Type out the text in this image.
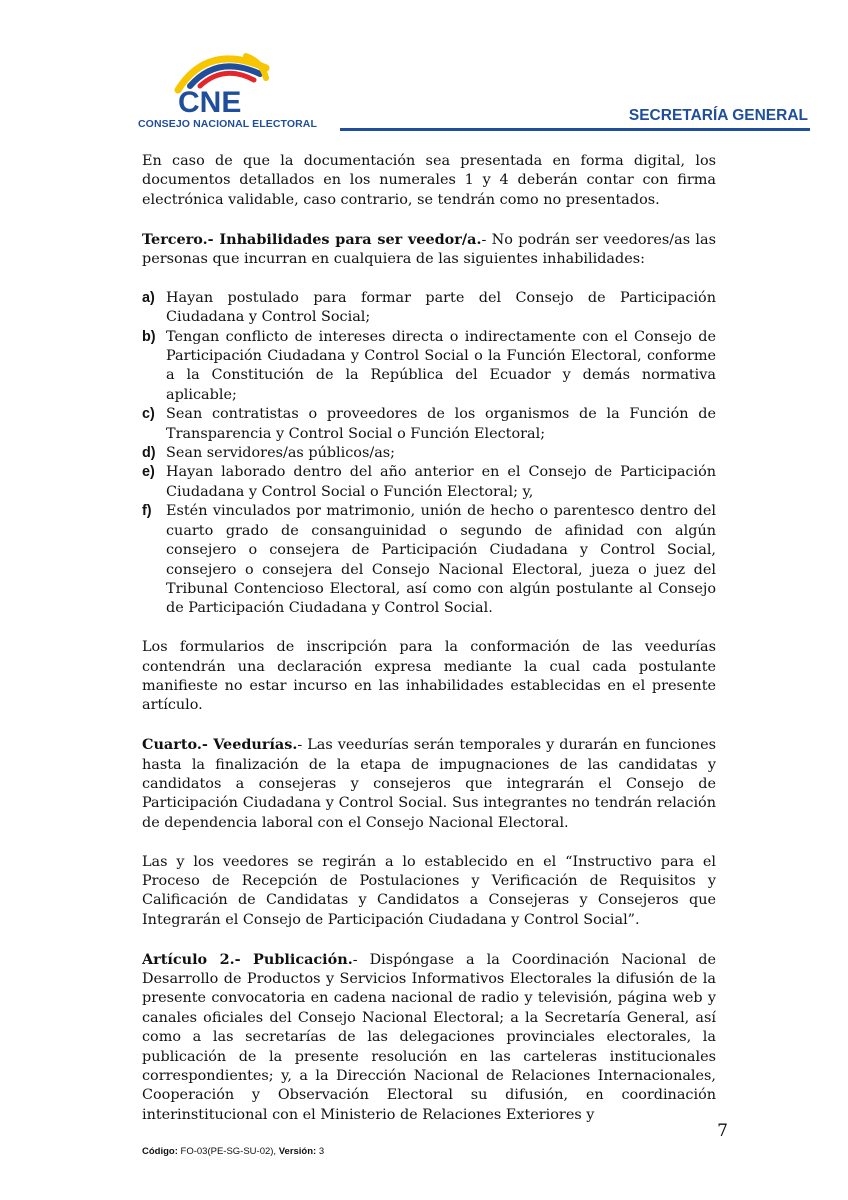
CNE
CONSEJO NACIONAL ELECTORAL	SECRETARÍA GENERAL

En caso de que la documentación sea presentada en forma digital, los documentos detallados en los numerales 1 y 4 deberán contar con firma electrónica validable, caso contrario, se tendrán como no presentados.

Tercero.- Inhabilidades para ser veedor/a.- No podrán ser veedores/as las personas que incurran en cualquiera de las siguientes inhabilidades:

a) Hayan postulado para formar parte del Consejo de Participación Ciudadana y Control Social;
b) Tengan conflicto de intereses directa o indirectamente con el Consejo de Participación Ciudadana y Control Social o la Función Electoral, conforme a la Constitución de la República del Ecuador y demás normativa aplicable;
c) Sean contratistas o proveedores de los organismos de la Función de Transparencia y Control Social o Función Electoral;
d) Sean servidores/as públicos/as;
e) Hayan laborado dentro del año anterior en el Consejo de Participación Ciudadana y Control Social o Función Electoral; y,
f) Estén vinculados por matrimonio, unión de hecho o parentesco dentro del cuarto grado de consanguinidad o segundo de afinidad con algún consejero o consejera de Participación Ciudadana y Control Social, consejero o consejera del Consejo Nacional Electoral, jueza o juez del Tribunal Contencioso Electoral, así como con algún postulante al Consejo de Participación Ciudadana y Control Social.

Los formularios de inscripción para la conformación de las veedurías contendrán una declaración expresa mediante la cual cada postulante manifieste no estar incurso en las inhabilidades establecidas en el presente artículo.

Cuarto.- Veedurías.- Las veedurías serán temporales y durarán en funciones hasta la finalización de la etapa de impugnaciones de las candidatas y candidatos a consejeras y consejeros que integrarán el Consejo de Participación Ciudadana y Control Social. Sus integrantes no tendrán relación de dependencia laboral con el Consejo Nacional Electoral.

Las y los veedores se regirán a lo establecido en el “Instructivo para el Proceso de Recepción de Postulaciones y Verificación de Requisitos y Calificación de Candidatas y Candidatos a Consejeras y Consejeros que Integrarán el Consejo de Participación Ciudadana y Control Social”.

Artículo 2.- Publicación.- Dispóngase a la Coordinación Nacional de Desarrollo de Productos y Servicios Informativos Electorales la difusión de la presente convocatoria en cadena nacional de radio y televisión, página web y canales oficiales del Consejo Nacional Electoral; a la Secretaría General, así como a las secretarías de las delegaciones provinciales electorales, la publicación de la presente resolución en las carteleras institucionales correspondientes; y, a la Dirección Nacional de Relaciones Internacionales, Cooperación y Observación Electoral su difusión, en coordinación interinstitucional con el Ministerio de Relaciones Exteriores y

7
Código: FO-03(PE-SG-SU-02), Versión: 3
